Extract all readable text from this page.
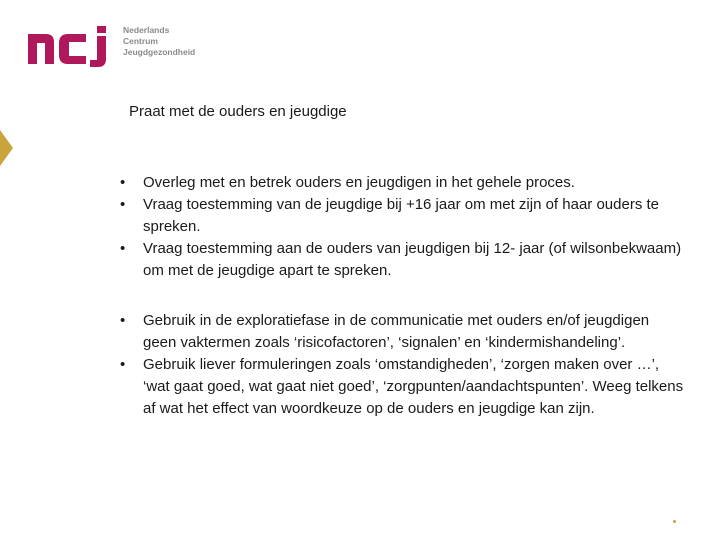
Nederlands
Centrum
Jeugdgezondheid
Praat met de ouders en jeugdige
• Overleg met en betrek ouders en jeugdigen in het gehele proces.
• Vraag toestemming van de jeugdige bij +16 jaar om met zijn of haar ouders te spreken.
• Vraag toestemming aan de ouders van jeugdigen bij 12- jaar (of wilsonbekwaam) om met de jeugdige apart te spreken.
• Gebruik in de exploratiefase in de communicatie met ouders en/of jeugdigen geen vaktermen zoals ‘risicofactoren’, ‘signalen’ en ‘kindermishandeling’.
• Gebruik liever formuleringen zoals ‘omstandigheden’, ‘zorgen maken over …’, ‘wat gaat goed, wat gaat niet goed’, ‘zorgpunten/aandachtspunten’. Weeg telkens af wat het effect van woordkeuze op de ouders en jeugdige kan zijn.
